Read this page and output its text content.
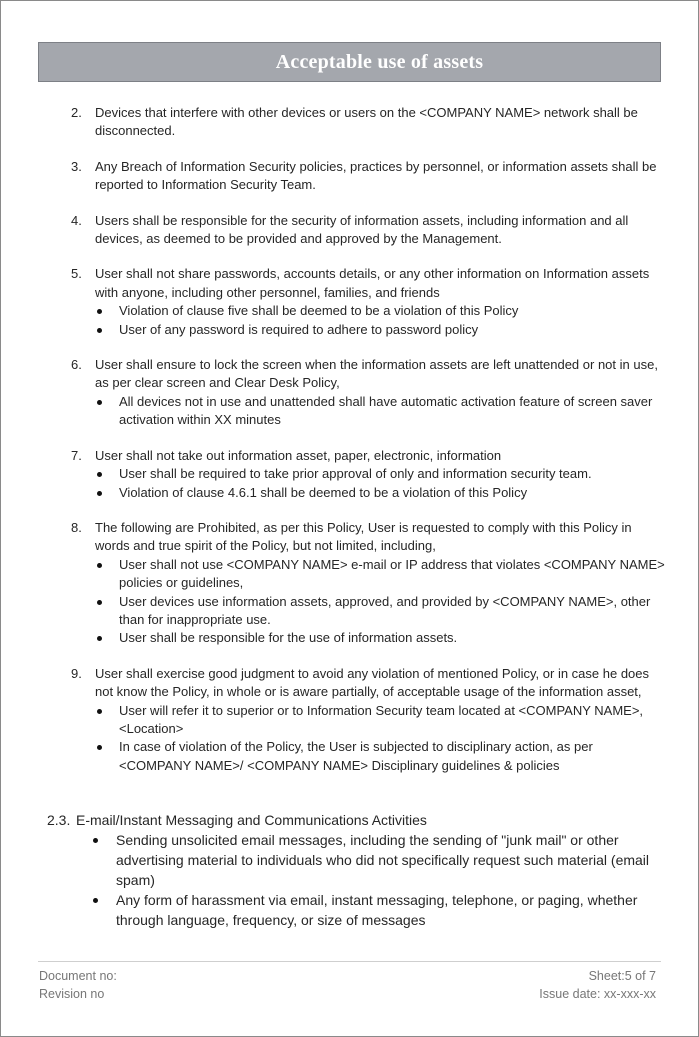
Acceptable use of assets
2. Devices that interfere with other devices or users on the <COMPANY NAME> network shall be disconnected.
3. Any Breach of Information Security policies, practices by personnel, or information assets shall be reported to Information Security Team.
4. Users shall be responsible for the security of information assets, including information and all devices, as deemed to be provided and approved by the Management.
5. User shall not share passwords, accounts details, or any other information on Information assets with anyone, including other personnel, families, and friends
Violation of clause five shall be deemed to be a violation of this Policy
User of any password is required to adhere to password policy
6. User shall ensure to lock the screen when the information assets are left unattended or not in use, as per clear screen and Clear Desk Policy,
All devices not in use and unattended shall have automatic activation feature of screen saver activation within XX minutes
7. User shall not take out information asset, paper, electronic, information
User shall be required to take prior approval of only and information security team.
Violation of clause 4.6.1 shall be deemed to be a violation of this Policy
8. The following are Prohibited, as per this Policy, User is requested to comply with this Policy in words and true spirit of the Policy, but not limited, including,
User shall not use <COMPANY NAME> e-mail or IP address that violates <COMPANY NAME> policies or guidelines,
User devices use information assets, approved, and provided by <COMPANY NAME>, other than for inappropriate use.
User shall be responsible for the use of information assets.
9. User shall exercise good judgment to avoid any violation of mentioned Policy, or in case he does not know the Policy, in whole or is aware partially, of acceptable usage of the information asset,
User will refer it to superior or to Information Security team located at <COMPANY NAME>, <Location>
In case of violation of the Policy, the User is subjected to disciplinary action, as per <COMPANY NAME>/ <COMPANY NAME> Disciplinary guidelines & policies
2.3. E-mail/Instant Messaging and Communications Activities
Sending unsolicited email messages, including the sending of "junk mail" or other advertising material to individuals who did not specifically request such material (email spam)
Any form of harassment via email, instant messaging, telephone, or paging, whether through language, frequency, or size of messages
Document no:	Sheet:5 of 7
Revision no	Issue date: xx-xxx-xx
